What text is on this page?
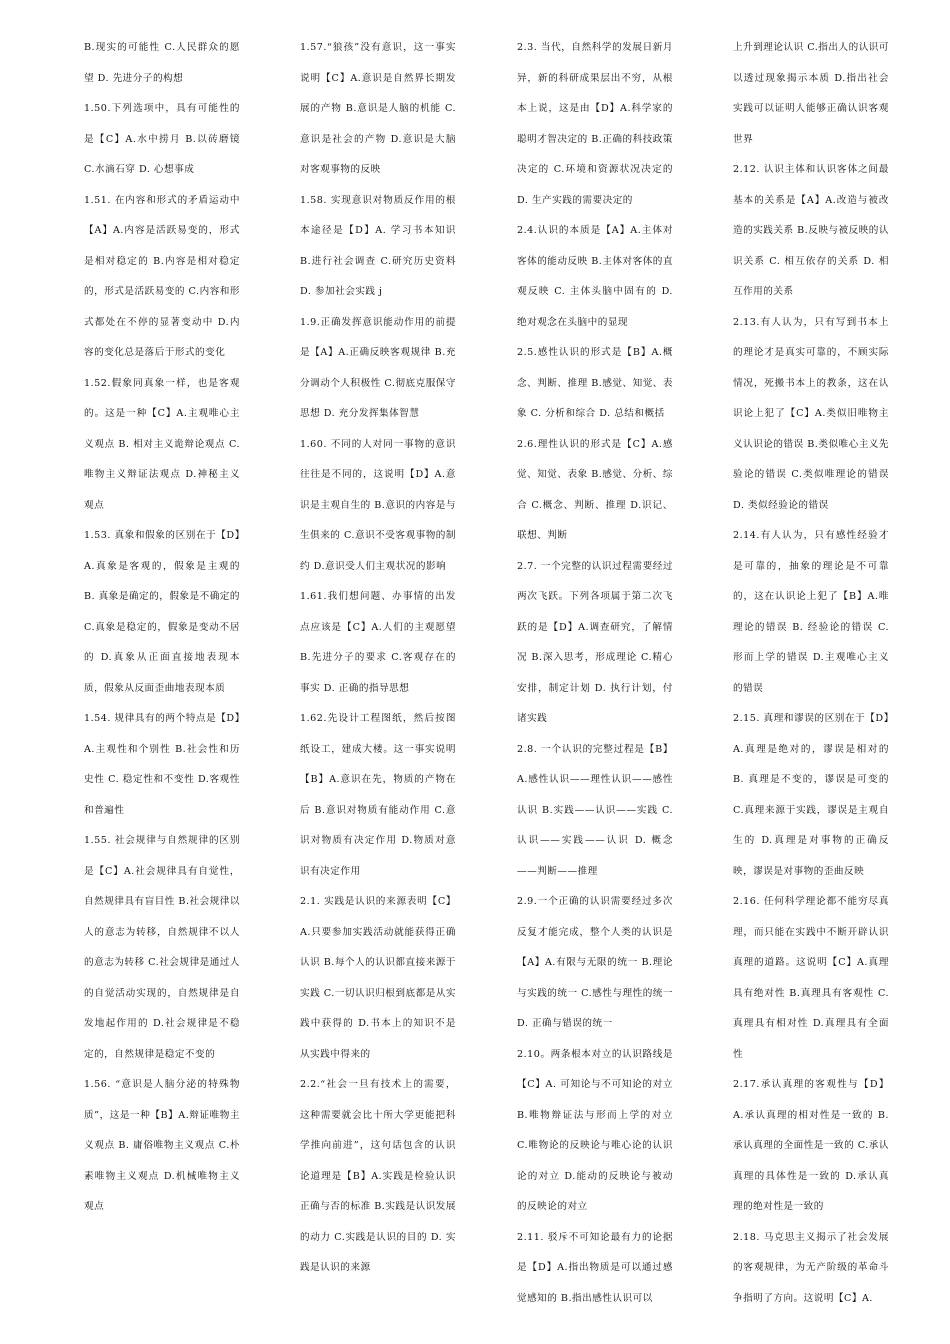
B.现实的可能性 C.人民群众的愿望 D. 先进分子的构想

1.50.下列选项中，具有可能性的是【C】A.水中捞月 B.以砖磨镜 C.水滴石穿 D. 心想事成

1.51. 在内容和形式的矛盾运动中【A】A.内容是活跃易变的，形式是相对稳定的 B.内容是相对稳定的，形式是活跃易变的 C.内容和形式都处在不停的显著变动中 D.内容的变化总是落后于形式的变化

1.52.假象同真象一样，也是客观的。这是一种【C】A.主观唯心主义观点 B. 相对主义诡辩论观点 C.唯物主义辩证法观点 D.神秘主义观点

1.53. 真象和假象的区别在于【D】A.真象是客观的，假象是主观的 B. 真象是确定的，假象是不确定的 C.真象是稳定的，假象是变动不居的 D.真象从正面直接地表现本质，假象从反面歪曲地表现本质

1.54. 规律具有的两个特点是【D】A.主观性和个别性 B.社会性和历史性 C. 稳定性和不变性 D.客观性和普遍性

1.55. 社会规律与自然规律的区别是【C】A.社会规律具有自觉性，自然规律具有盲目性 B.社会规律以人的意志为转移，自然规律不以人的意志为转移 C.社会规律是通过人的自觉活动实现的，自然规律是自发地起作用的 D.社会规律是不稳定的，自然规律是稳定不变的

1.56. “意识是人脑分泌的特殊物质”，这是一种【B】A.辩证唯物主义观点 B. 庸俗唯物主义观点 C.朴素唯物主义观点 D.机械唯物主义观点

1.57.“狼孩”没有意识，这一事实说明【C】A.意识是自然界长期发展的产物 B.意识是人脑的机能 C.意识是社会的产物 D.意识是大脑对客观事物的反映

1.58. 实现意识对物质反作用的根本途径是【D】A. 学习书本知识 B.进行社会调查 C.研究历史资料 D. 参加社会实践 j

1.9.正确发挥意识能动作用的前提是【A】A.正确反映客观规律 B.充分调动个人积极性 C.彻底克服保守思想 D. 充分发挥集体智慧

1.60. 不同的人对同一事物的意识往往是不同的，这说明【D】A.意识是主观自生的 B.意识的内容是与生俱来的 C.意识不受客观事物的制约 D.意识受人们主观状况的影响

1.61.我们想问题、办事情的出发点应该是【C】A.人们的主观愿望 B.先进分子的要求 C.客观存在的事实 D. 正确的指导思想

1.62.先设计工程图纸，然后按图纸设工，建成大楼。这一事实说明【B】A.意识在先，物质的产物在后 B.意识对物质有能动作用 C.意识对物质有决定作用 D.物质对意识有决定作用

2.1. 实践是认识的来源表明【C】A.只要参加实践活动就能获得正确认识 B.每个人的认识都直接来源于实践 C.一切认识归根到底都是从实践中获得的 D.书本上的知识不是从实践中得来的

2.2.“社会一旦有技术上的需要，这种需要就会比十所大学更能把科学推向前进”，这句话包含的认识论道理是【B】A.实践是检验认识正确与否的标准 B.实践是认识发展的动力 C.实践是认识的目的 D. 实践是认识的来源

2.3. 当代，自然科学的发展日新月异，新的科研成果层出不穷，从根本上说，这是由【D】A.科学家的聪明才智决定的 B.正确的科技政策决定的 C.环境和资源状况决定的 D. 生产实践的需要决定的

2.4.认识的本质是【A】A.主体对客体的能动反映 B.主体对客体的直观反映 C. 主体头脑中固有的 D. 绝对观念在头脑中的显现

2.5.感性认识的形式是【B】A.概念、判断、推理 B.感觉、知觉、表象 C. 分析和综合 D. 总结和概括

2.6.理性认识的形式是【C】A.感觉、知觉、表象 B.感觉、分析、综合 C.概念、判断、推理 D.识记、联想、判断

2.7. 一个完整的认识过程需要经过两次飞跃。下列各项属于第二次飞跃的是【D】A.调查研究，了解情况 B.深入思考，形成理论 C.精心安排，制定计划 D. 执行计划，付诸实践

2.8. 一个认识的完整过程是【B】A.感性认识——理性认识——感性认识 B.实践——认识——实践 C. 认识——实践——认识 D. 概念——判断——推理

2.9.一个正确的认识需要经过多次反复才能完成，整个人类的认识是【A】A.有限与无限的统一 B.理论与实践的统一 C.感性与理性的统一 D. 正确与错误的统一

2.10。两条根本对立的认识路线是【C】A. 可知论与不可知论的对立 B.唯物辩证法与形而上学的对立 C.唯物论的反映论与唯心论的认识论的对立 D.能动的反映论与被动的反映论的对立

2.11. 驳斥不可知论最有力的论据是【D】A.指出物质是可以通过感觉感知的 B.指出感性认识可以

上升到理论认识 C.指出人的认识可以透过现象揭示本质 D.指出社会实践可以证明人能够正确认识客观世界

2.12. 认识主体和认识客体之间最基本的关系是【A】A.改造与被改造的实践关系 B.反映与被反映的认识关系 C. 相互依存的关系 D. 相互作用的关系

2.13.有人认为，只有写到书本上的理论才是真实可靠的，不顾实际情况，死搬书本上的教条，这在认识论上犯了【C】A.类似旧唯物主义认识论的错误 B.类似唯心主义先验论的错误 C.类似唯理论的错误 D. 类似经验论的错误

2.14.有人认为，只有感性经验才是可靠的，抽象的理论是不可靠的，这在认识论上犯了【B】A.唯理论的错误 B. 经验论的错误 C. 形而上学的错误 D.主观唯心主义的错误

2.15. 真理和谬误的区别在于【D】A.真理是绝对的，谬误是相对的 B. 真理是不变的，谬误是可变的 C.真理来源于实践，谬误是主观自生的 D.真理是对事物的正确反映，谬误是对事物的歪曲反映

2.16. 任何科学理论都不能穷尽真理，而只能在实践中不断开辟认识真理的道路。这说明【C】A.真理具有绝对性 B.真理具有客观性 C.真理具有相对性 D.真理具有全面性

2.17.承认真理的客观性与【D】A.承认真理的相对性是一致的 B.承认真理的全面性是一致的 C.承认真理的具体性是一致的 D.承认真理的绝对性是一致的

2.18. 马克思主义揭示了社会发展的客观规律，为无产阶级的革命斗争指明了方向。这说明【C】A.
